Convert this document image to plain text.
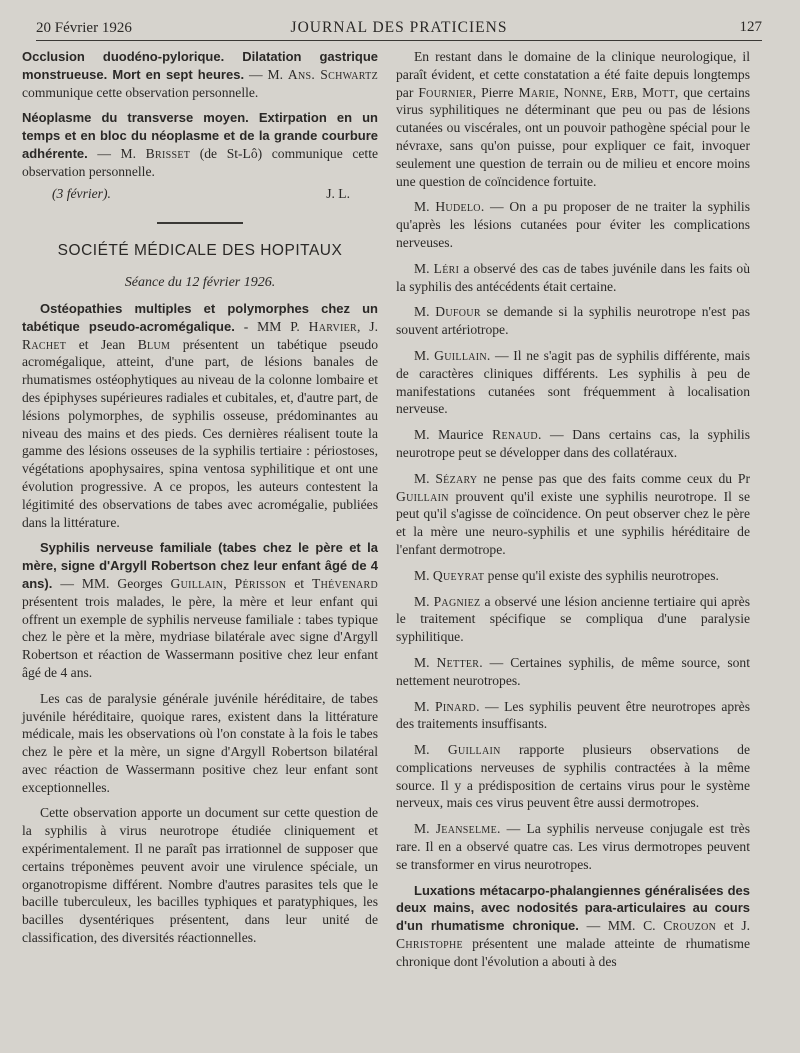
20 Février 1926	JOURNAL DES PRATICIENS	127

Occlusion duodéno-pylorique. Dilatation gastrique monstrueuse. Mort en sept heures. — M. Ans. Schwartz communique cette observation personnelle.

Néoplasme du transverse moyen. Extirpation en un temps et en bloc du néoplasme et de la grande courbure adhérente. — M. Brisset (de St-Lô) communique cette observation personnelle.

(3 février).	J. L.
SOCIÉTÉ MÉDICALE DES HOPITAUX
Séance du 12 février 1926.

Ostéopathies multiples et polymorphes chez un tabétique pseudo-acromégalique. - MM P. Harvier, J. Rachet et Jean Blum présentent un tabétique pseudo acromégalique, atteint, d'une part, de lésions banales de rhumatismes ostéophytiques au niveau de la colonne lombaire et des épiphyses supérieures radiales et cubitales, et, d'autre part, de lésions polymorphes, de syphilis osseuse, prédominantes au niveau des mains et des pieds. Ces dernières réalisent toute la gamme des lésions osseuses de la syphilis tertiaire : périostoses, végétations apophysaires, spina ventosa syphilitique et ont une évolution progressive. A ce propos, les auteurs contestent la légitimité des observations de tabes avec acromégalie, publiées dans la littérature.

Syphilis nerveuse familiale (tabes chez le père et la mère, signe d'Argyll Robertson chez leur enfant âgé de 4 ans). — MM. Georges Guillain, Périsson et Thévenard présentent trois malades, le père, la mère et leur enfant qui offrent un exemple de syphilis nerveuse familiale : tabes typique chez le père et la mère, mydriase bilatérale avec signe d'Argyll Robertson et réaction de Wassermann positive chez leur enfant âgé de 4 ans.

Les cas de paralysie générale juvénile héréditaire, de tabes juvénile héréditaire, quoique rares, existent dans la littérature médicale, mais les observations où l'on constate à la fois le tabes chez le père et la mère, un signe d'Argyll Robertson bilatéral avec réaction de Wassermann positive chez leur enfant sont exceptionnelles.

Cette observation apporte un document sur cette question de la syphilis à virus neurotrope étudiée cliniquement et expérimentalement. Il ne paraît pas irrationnel de supposer que certains tréponèmes peuvent avoir une virulence spéciale, un organotropisme différent. Nombre d'autres parasites tels que le bacille tuberculeux, les bacilles typhiques et paratyphiques, les bacilles dysentériques présentent, dans leur unité de classification, des diversités réactionnelles.

En restant dans le domaine de la clinique neurologique, il paraît évident, et cette constatation a été faite depuis longtemps par Fournier, Pierre Marie, Nonne, Erb, Mott, que certains virus syphilitiques ne déterminant que peu ou pas de lésions cutanées ou viscérales, ont un pouvoir pathogène spécial pour le névraxe, sans qu'on puisse, pour expliquer ce fait, invoquer seulement une question de terrain ou de milieu et encore moins une question de coïncidence fortuite.

M. Hudelo. — On a pu proposer de ne traiter la syphilis qu'après les lésions cutanées pour éviter les complications nerveuses.

M. Léri a observé des cas de tabes juvénile dans les faits où la syphilis des antécédents était certaine.

M. Dufour se demande si la syphilis neurotrope n'est pas souvent artériotrope.

M. Guillain. — Il ne s'agit pas de syphilis différente, mais de caractères cliniques différents. Les syphilis à peu de manifestations cutanées sont fréquemment à localisation nerveuse.

M. Maurice Renaud. — Dans certains cas, la syphilis neurotrope peut se développer dans des collatéraux.

M. Sézary ne pense pas que des faits comme ceux du Pr Guillain prouvent qu'il existe une syphilis neurotrope. Il se peut qu'il s'agisse de coïncidence. On peut observer chez le père et la mère une neuro-syphilis et une syphilis héréditaire de l'enfant dermotrope.

M. Queyrat pense qu'il existe des syphilis neurotropes.

M. Pagniez a observé une lésion ancienne tertiaire qui après le traitement spécifique se compliqua d'une paralysie syphilitique.

M. Netter. — Certaines syphilis, de même source, sont nettement neurotropes.

M. Pinard. — Les syphilis peuvent être neurotropes après des traitements insuffisants.

M. Guillain rapporte plusieurs observations de complications nerveuses de syphilis contractées à la même source. Il y a prédisposition de certains virus pour le système nerveux, mais ces virus peuvent être aussi dermotropes.

M. Jeanselme. — La syphilis nerveuse conjugale est très rare. Il en a observé quatre cas. Les virus dermotropes peuvent se transformer en virus neurotropes.

Luxations métacarpo-phalangiennes généralisées des deux mains, avec nodosités para-articulaires au cours d'un rhumatisme chronique. — MM. C. Crouzon et J. Christophe présentent une malade atteinte de rhumatisme chronique dont l'évolution a abouti à des
